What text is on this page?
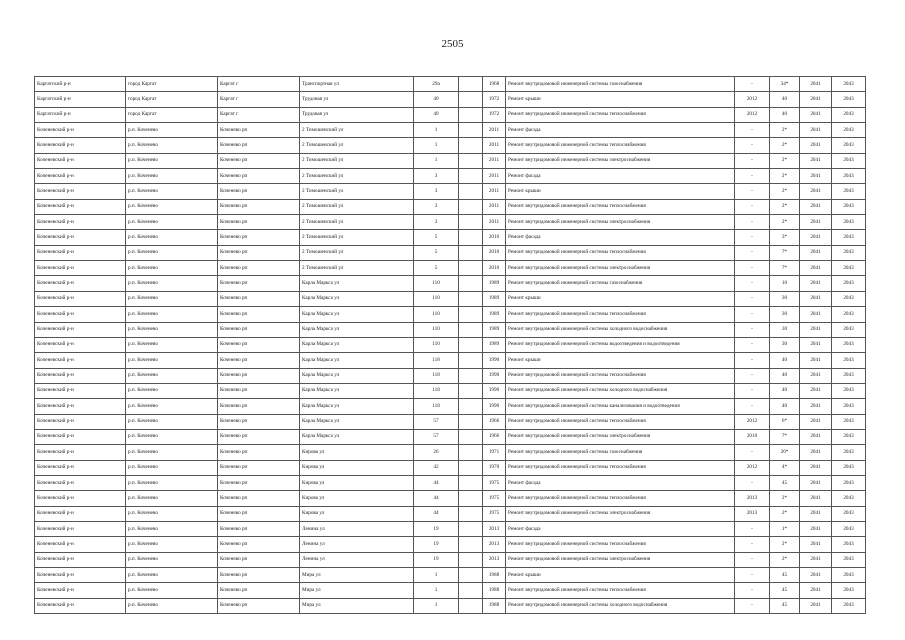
2505
Каргатский р-н	город Каргат	Каргат г	Транспортная ул	29а		1968	Ремонт внутридомовой инженерной системы газоснабжения	-	34*	2041	2043
Каргатский р-н	город Каргат	Каргат г	Трудовая ул	40		1972	Ремонт крыши	2012	40	2041	2043
Каргатский р-н	город Каргат	Каргат г	Трудовая ул	40		1972	Ремонт внутридомовой инженерной системы теплоснабжения	2012	40	2041	2043
Коченевский р-н	р.п. Коченево	Коченево рп	2 Тимошенский ул	1		2011	Ремонт фасада	-	2*	2041	2043
Коченевский р-н	р.п. Коченево	Коченево рп	2 Тимошенский ул	1		2011	Ремонт внутридомовой инженерной системы теплоснабжения	-	2*	2041	2043
Коченевский р-н	р.п. Коченево	Коченево рп	2 Тимошенский ул	1		2011	Ремонт внутридомовой инженерной системы электроснабжения	-	2*	2041	2043
Коченевский р-н	р.п. Коченево	Коченево рп	2 Тимошенский ул	3		2011	Ремонт фасада	-	2*	2041	2043
Коченевский р-н	р.п. Коченево	Коченево рп	2 Тимошенский ул	3		2011	Ремонт крыши	-	2*	2041	2043
Коченевский р-н	р.п. Коченево	Коченево рп	2 Тимошенский ул	3		2011	Ремонт внутридомовой инженерной системы теплоснабжения	-	2*	2041	2043
Коченевский р-н	р.п. Коченево	Коченево рп	2 Тимошенский ул	3		2011	Ремонт внутридомовой инженерной системы электроснабжения	-	2*	2041	2043
Коченевский р-н	р.п. Коченево	Коченево рп	2 Тимошенский ул	5		2010	Ремонт фасада	-	3*	2041	2043
Коченевский р-н	р.п. Коченево	Коченево рп	2 Тимошенский ул	5		2010	Ремонт внутридомовой инженерной системы теплоснабжения	-	7*	2041	2043
Коченевский р-н	р.п. Коченево	Коченево рп	2 Тимошенский ул	5		2010	Ремонт внутридомовой инженерной системы электроснабжения	-	7*	2041	2043
Коченевский р-н	р.п. Коченево	Коченево рп	Карла Маркса ул	110		1989	Ремонт внутридомовой инженерной системы газоснабжения	-	10	2041	2043
Коченевский р-н	р.п. Коченево	Коченево рп	Карла Маркса ул	110		1989	Ремонт крыши	-	30	2041	2043
Коченевский р-н	р.п. Коченево	Коченево рп	Карла Маркса ул	110		1989	Ремонт внутридомовой инженерной системы теплоснабжения	-	30	2041	2043
Коченевский р-н	р.п. Коченево	Коченево рп	Карла Маркса ул	110		1989	Ремонт внутридомовой инженерной системы холодного водоснабжения	-	30	2041	2043
Коченевский р-н	р.п. Коченево	Коченево рп	Карла Маркса ул	110		1989	Ремонт внутридомовой инженерной системы водоотведения и водоотведения	-	30	2041	2043
Коченевский р-н	р.п. Коченево	Коченево рп	Карла Маркса ул	118		1990	Ремонт крыши	-	40	2041	2043
Коченевский р-н	р.п. Коченево	Коченево рп	Карла Маркса ул	118		1990	Ремонт внутридомовой инженерной системы теплоснабжения	-	40	2041	2043
Коченевский р-н	р.п. Коченево	Коченево рп	Карла Маркса ул	118		1990	Ремонт внутридомовой инженерной системы холодного водоснабжения	-	40	2041	2043
Коченевский р-н	р.п. Коченево	Коченево рп	Карла Маркса ул	118		1990	Ремонт внутридомовой инженерной системы канализования и водоотведения	-	40	2041	2043
Коченевский р-н	р.п. Коченево	Коченево рп	Карла Маркса ул	57		1966	Ремонт внутридомовой инженерной системы теплоснабжения	2012	6*	2041	2043
Коченевский р-н	р.п. Коченево	Коченево рп	Карла Маркса ул	57		1966	Ремонт внутридомовой инженерной системы электроснабжения	2010	7*	2041	2043
Коченевский р-н	р.п. Коченево	Коченево рп	Кирова ул	26		1971	Ремонт внутридомовой инженерной системы газоснабжения	-	26*	2041	2043
Коченевский р-н	р.п. Коченево	Коченево рп	Кирова ул	42		1970	Ремонт внутридомовой инженерной системы теплоснабжения	2012	4*	2041	2043
Коченевский р-н	р.п. Коченево	Коченево рп	Кирова ул	44		1975	Ремонт фасада	-	45	2041	2043
Коченевский р-н	р.п. Коченево	Коченево рп	Кирова ул	44		1975	Ремонт внутридомовой инженерной системы теплоснабжения	2013	2*	2041	2043
Коченевский р-н	р.п. Коченево	Коченево рп	Кирова ул	44		1975	Ремонт внутридомовой инженерной системы электроснабжения	2013	2*	2041	2043
Коченевский р-н	р.п. Коченево	Коченево рп	Ленина ул	19		2013	Ремонт фасада	-	1*	2041	2043
Коченевский р-н	р.п. Коченево	Коченево рп	Ленина ул	19		2013	Ремонт внутридомовой инженерной системы теплоснабжения	-	2*	2041	2043
Коченевский р-н	р.п. Коченево	Коченево рп	Ленина ул	19		2013	Ремонт внутридомовой инженерной системы электроснабжения	-	2*	2041	2043
Коченевский р-н	р.п. Коченево	Коченево рп	Мира ул	1		1988	Ремонт крыши	-	45	2041	2043
Коченевский р-н	р.п. Коченево	Коченево рп	Мира ул	1		1988	Ремонт внутридомовой инженерной системы теплоснабжения	-	45	2041	2043
Коченевский р-н	р.п. Коченево	Коченево рп	Мира ул	1		1988	Ремонт внутридомовой инженерной системы холодного водоснабжения	-	45	2041	2043
